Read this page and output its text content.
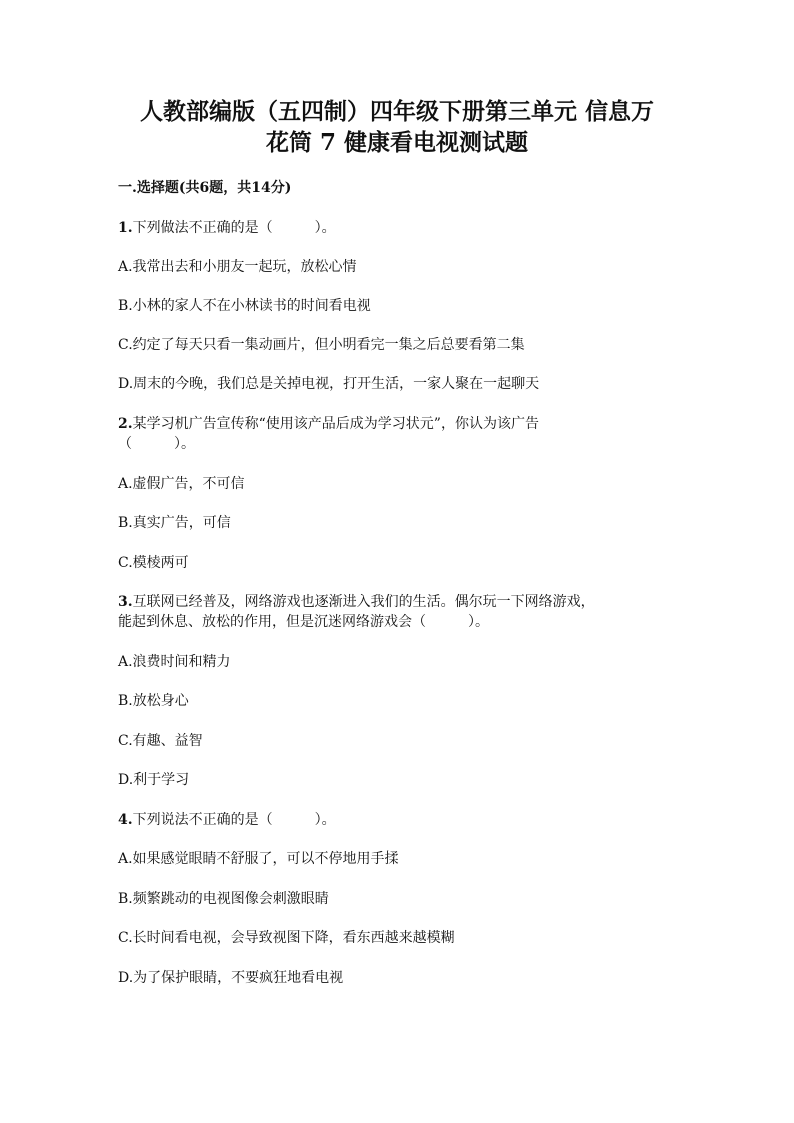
人教部编版（五四制）四年级下册第三单元 信息万
花筒 7 健康看电视测试题
一.选择题(共6题，共14分)
1.下列做法不正确的是（　　　）。
A.我常出去和小朋友一起玩，放松心情
B.小林的家人不在小林读书的时间看电视
C.约定了每天只看一集动画片，但小明看完一集之后总要看第二集
D.周末的今晚，我们总是关掉电视，打开生活，一家人聚在一起聊天
2.某学习机广告宣传称“使用该产品后成为学习状元”，你认为该广告
（　　　）。
A.虚假广告，不可信
B.真实广告，可信
C.模棱两可
3.互联网已经普及，网络游戏也逐渐进入我们的生活。偶尔玩一下网络游戏，
能起到休息、放松的作用，但是沉迷网络游戏会（　　　）。
A.浪费时间和精力
B.放松身心
C.有趣、益智
D.利于学习
4.下列说法不正确的是（　　　）。
A.如果感觉眼睛不舒服了，可以不停地用手揉
B.频繁跳动的电视图像会刺激眼睛
C.长时间看电视，会导致视图下降，看东西越来越模糊
D.为了保护眼睛，不要疯狂地看电视
